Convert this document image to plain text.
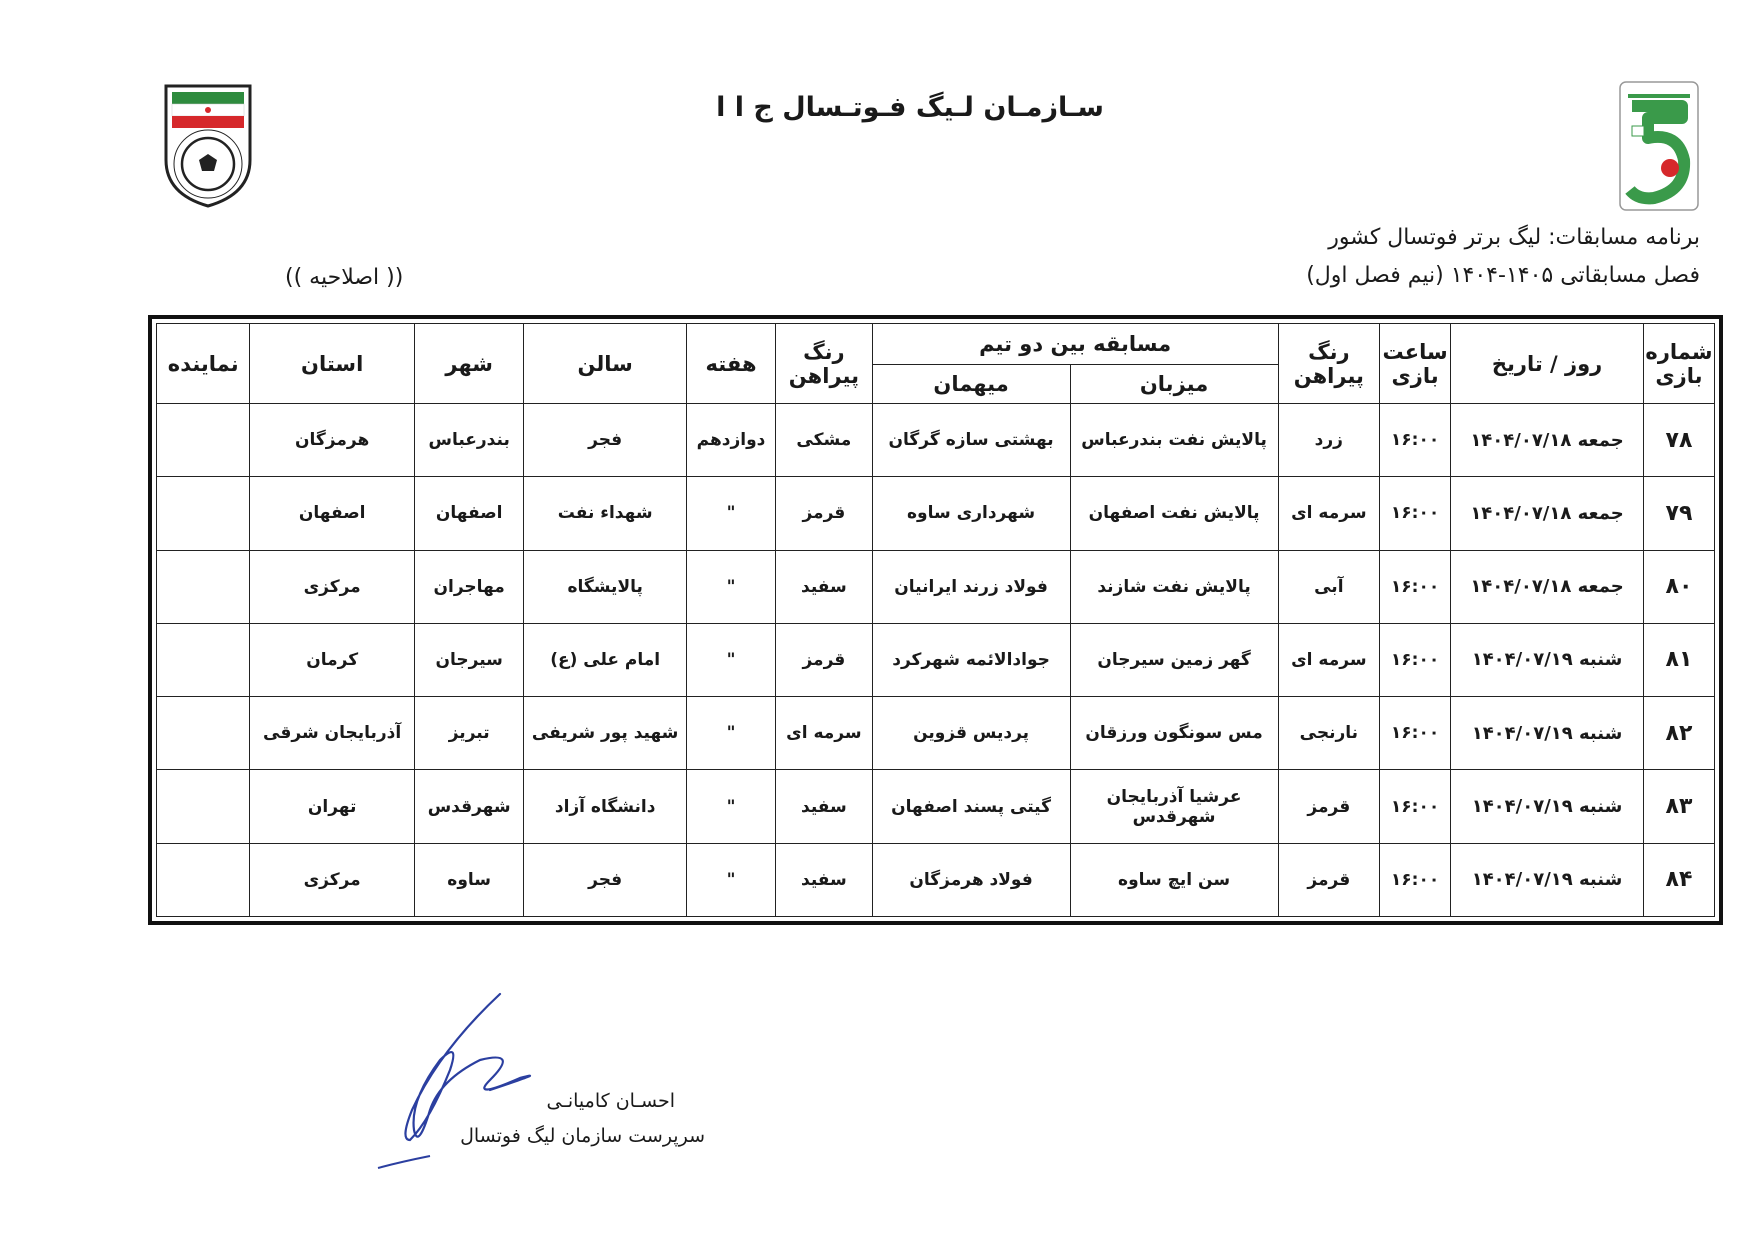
سـازمـان لـیگ فـوتـسال ج ا ا
برنامه مسابقات: لیگ برتر فوتسال کشور
فصل مسابقاتی ۱۴۰۵-۱۴۰۴ (نیم فصل اول)
(( اصلاحیه ))
شماره بازی	روز / تاریخ	ساعت بازی	رنگ پیراهن	مسابقه بین دو تیم		رنگ پیراهن	هفته	سالن	شهر	استان	نماینده
				میزبان	میهمان						
۷۸	جمعه ۱۴۰۴/۰۷/۱۸	۱۶:۰۰	زرد	پالایش نفت بندرعباس	بهشتی سازه گرگان	مشکی	دوازدهم	فجر	بندرعباس	هرمزگان	
۷۹	جمعه ۱۴۰۴/۰۷/۱۸	۱۶:۰۰	سرمه ای	پالایش نفت اصفهان	شهرداری ساوه	قرمز	"	شهداء نفت	اصفهان	اصفهان	
۸۰	جمعه ۱۴۰۴/۰۷/۱۸	۱۶:۰۰	آبی	پالایش نفت شازند	فولاد زرند ایرانیان	سفید	"	پالایشگاه	مهاجران	مرکزی	
۸۱	شنبه ۱۴۰۴/۰۷/۱۹	۱۶:۰۰	سرمه ای	گهر زمین سیرجان	جوادالائمه شهرکرد	قرمز	"	امام علی (ع)	سیرجان	کرمان	
۸۲	شنبه ۱۴۰۴/۰۷/۱۹	۱۶:۰۰	نارنجی	مس سونگون ورزقان	پردیس قزوین	سرمه ای	"	شهید پور شریفی	تبریز	آذربایجان شرقی	
۸۳	شنبه ۱۴۰۴/۰۷/۱۹	۱۶:۰۰	قرمز	عرشیا آذربایجان شهرقدس	گیتی پسند اصفهان	سفید	"	دانشگاه آزاد	شهرقدس	تهران	
۸۴	شنبه ۱۴۰۴/۰۷/۱۹	۱۶:۰۰	قرمز	سن ایچ ساوه	فولاد هرمزگان	سفید	"	فجر	ساوه	مرکزی	
احسـان کامیانـی
سرپرست سازمان لیگ فوتسال
